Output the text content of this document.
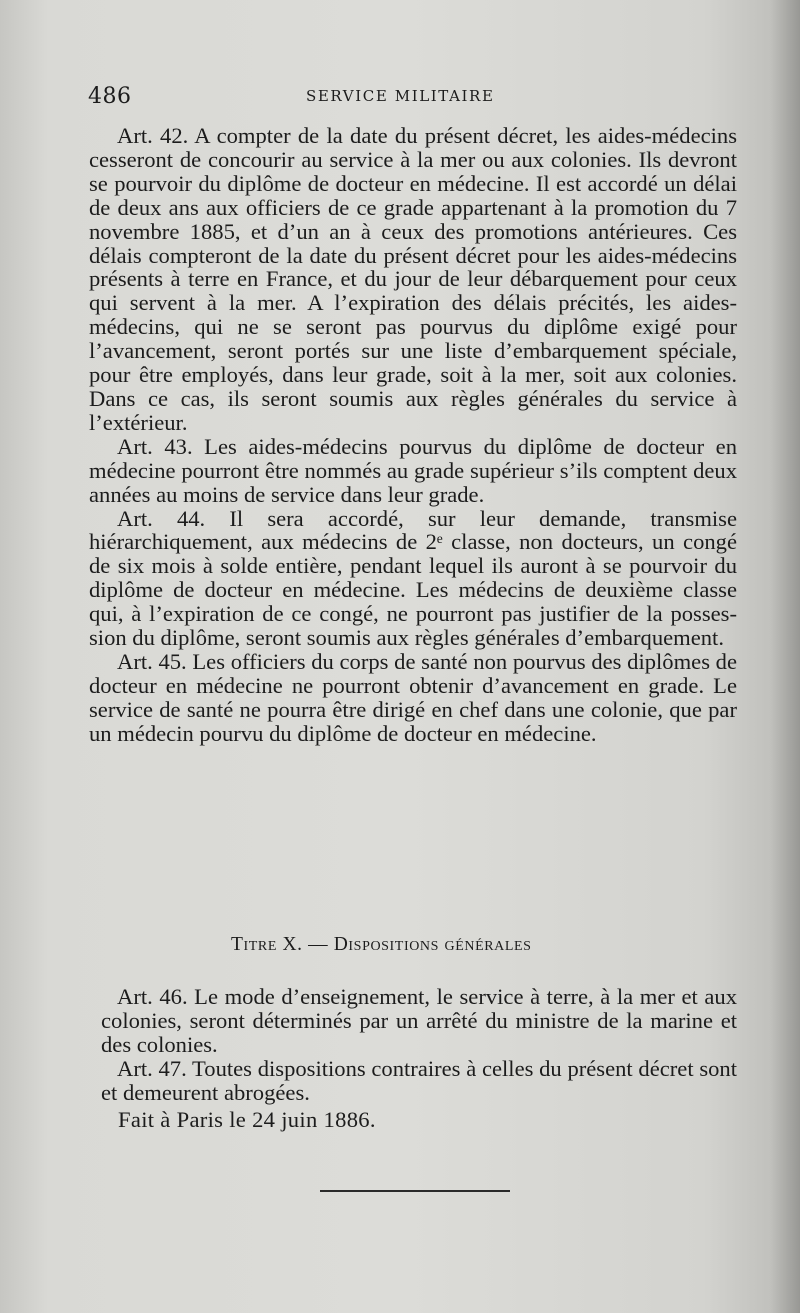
486	SERVICE MILITAIRE

Art. 42. A compter de la date du présent décret, les aides-médecins cesseront de concourir au service à la mer ou aux colonies. Ils devront se pourvoir du diplôme de docteur en médecine. Il est accordé un délai de deux ans aux officiers de ce grade appartenant à la promotion du 7 novembre 1885, et d’un an à ceux des promotions antérieures. Ces délais compteront de la date du présent décret pour les aides-médecins présents à terre en France, et du jour de leur débarquement pour ceux qui servent à la mer. A l’expiration des délais précités, les aides-médecins, qui ne se seront pas pourvus du diplôme exigé pour l’avancement, seront portés sur une liste d’embarquement spéciale, pour être employés, dans leur grade, soit à la mer, soit aux colonies. Dans ce cas, ils seront soumis aux règles générales du service à l’extérieur.

Art. 43. Les aides-médecins pourvus du diplôme de docteur en médecine pourront être nommés au grade supérieur s’ils comptent deux années au moins de service dans leur grade.

Art. 44. Il sera accordé, sur leur demande, transmise hiérarchiquement, aux médecins de 2ᵉ classe, non docteurs, un congé de six mois à solde entière, pendant lequel ils auront à se pourvoir du diplôme de docteur en médecine. Les médecins de deuxième classe qui, à l’expiration de ce congé, ne pourront pas justifier de la possession du diplôme, seront soumis aux règles générales d’embarquement.

Art. 45. Les officiers du corps de santé non pourvus des diplômes de docteur en médecine ne pourront obtenir d’avancement en grade. Le service de santé ne pourra être dirigé en chef dans une colonie, que par un médecin pourvu du diplôme de docteur en médecine.

Titre X. — Dispositions générales

Art. 46. Le mode d’enseignement, le service à terre, à la mer et aux colonies, seront déterminés par un arrêté du ministre de la marine et des colonies.

Art. 47. Toutes dispositions contraires à celles du présent décret sont et demeurent abrogées.

Fait à Paris le 24 juin 1886.
